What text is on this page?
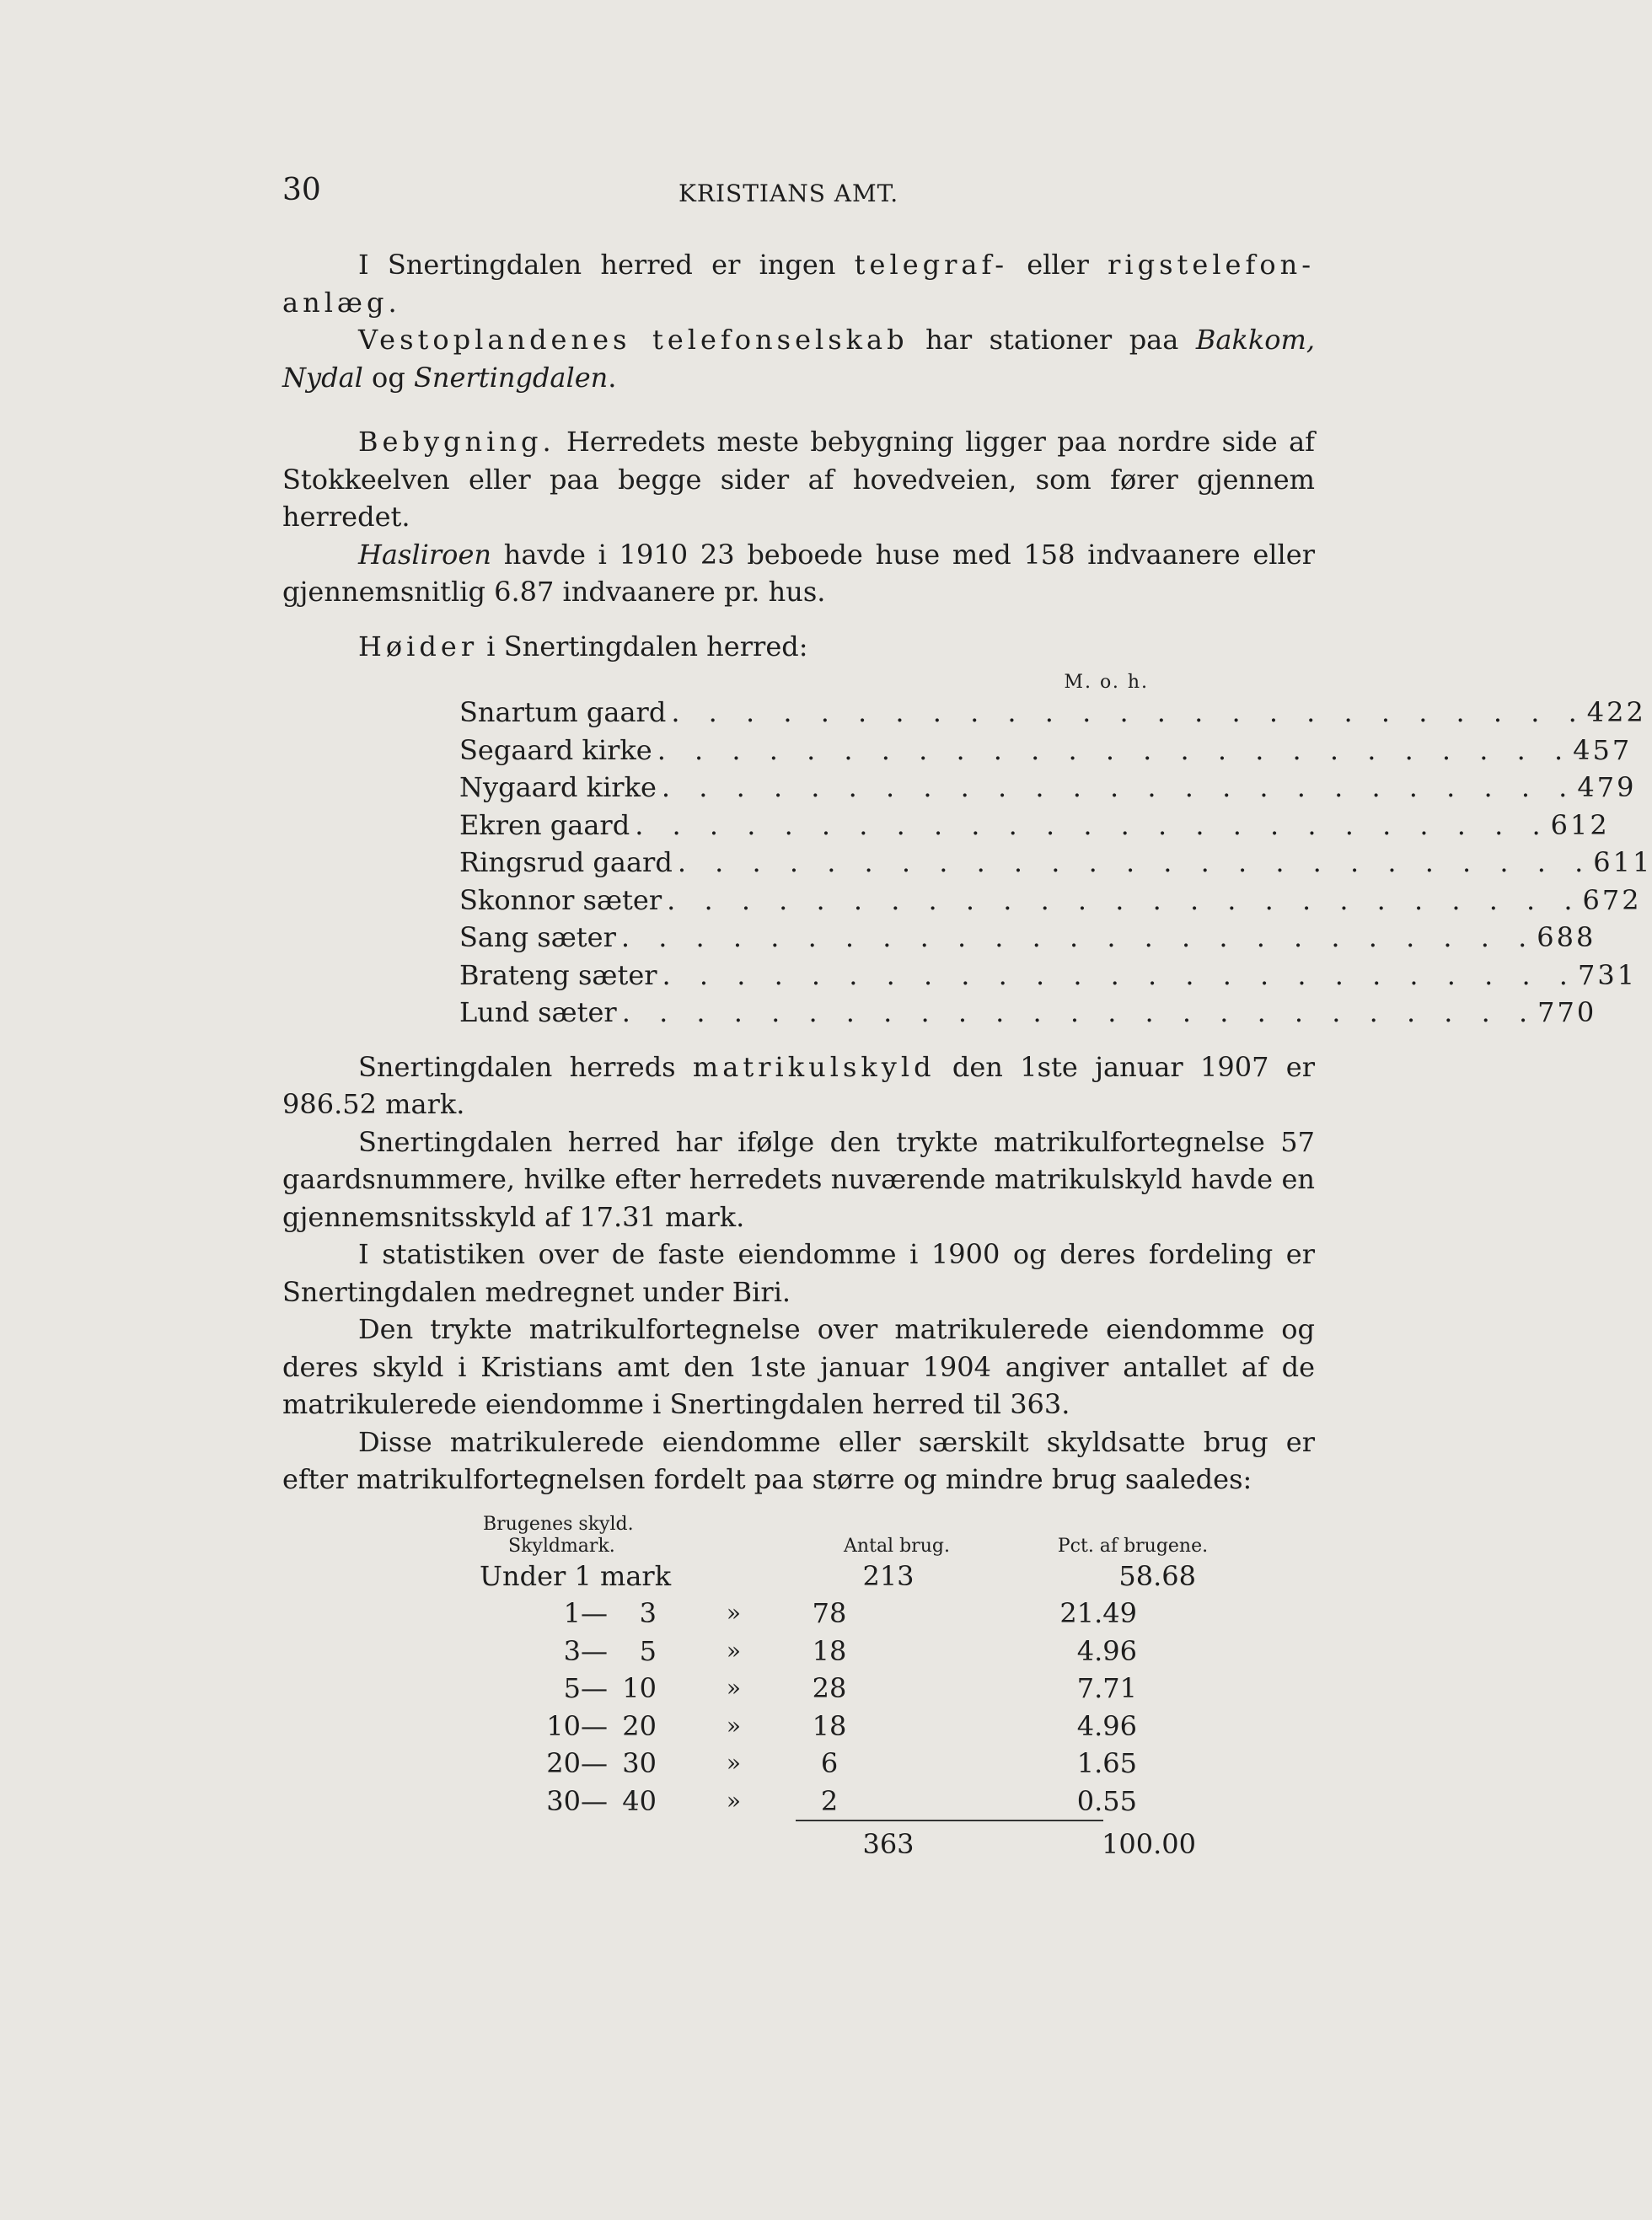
30	KRISTIANS AMT.

I Snertingdalen herred er ingen telegraf- eller rigstelefon-anlæg.

Vestoplandenes telefonselskab har stationer paa Bakkom, Nydal og Snertingdalen.

Bebygning. Herredets meste bebygning ligger paa nordre side af Stokkeelven eller paa begge sider af hovedveien, som fører gjennem herredet.

Hasliroen havde i 1910 23 beboede huse med 158 indvaanere eller gjennemsnitlig 6.87 indvaanere pr. hus.

Høider i Snertingdalen herred:

M. o. h.
Snartum gaard . . . . . . . . . . . . . . . . . . . . . . . . . 422
Segaard kirke . . . . . . . . . . . . . . . . . . . . . . . . . 457
Nygaard kirke . . . . . . . . . . . . . . . . . . . . . . . . . 479
Ekren gaard . . . . . . . . . . . . . . . . . . . . . . . . . 612
Ringsrud gaard . . . . . . . . . . . . . . . . . . . . . . . . . 611
Skonnor sæter . . . . . . . . . . . . . . . . . . . . . . . . . 672
Sang sæter . . . . . . . . . . . . . . . . . . . . . . . . . 688
Brateng sæter . . . . . . . . . . . . . . . . . . . . . . . . . 731
Lund sæter . . . . . . . . . . . . . . . . . . . . . . . . . 770

Snertingdalen herreds matrikulskyld den 1ste januar 1907 er 986.52 mark.

Snertingdalen herred har ifølge den trykte matrikulfortegnelse 57 gaardsnummere, hvilke efter herredets nuværende matrikulskyld havde en gjennemsnitsskyld af 17.31 mark.

I statistiken over de faste eiendomme i 1900 og deres fordeling er Snertingdalen medregnet under Biri.

Den trykte matrikulfortegnelse over matrikulerede eiendomme og deres skyld i Kristians amt den 1ste januar 1904 angiver antallet af de matrikulerede eiendomme i Snertingdalen herred til 363.

Disse matrikulerede eiendomme eller særskilt skyldsatte brug er efter matrikulfortegnelsen fordelt paa større og mindre brug saaledes:

Brugenes skyld.
Skyldmark.	Antal brug.	Pct. af brugene.
Under 1 mark	213	58.68
1 —	3	»	78	21.49
3 —	5	»	18	4.96
5 — 10	»	28	7.71
10 — 20	»	18	4.96
20 — 30	»	6	1.65
30 — 40	»	2	0.55
363	100.00
